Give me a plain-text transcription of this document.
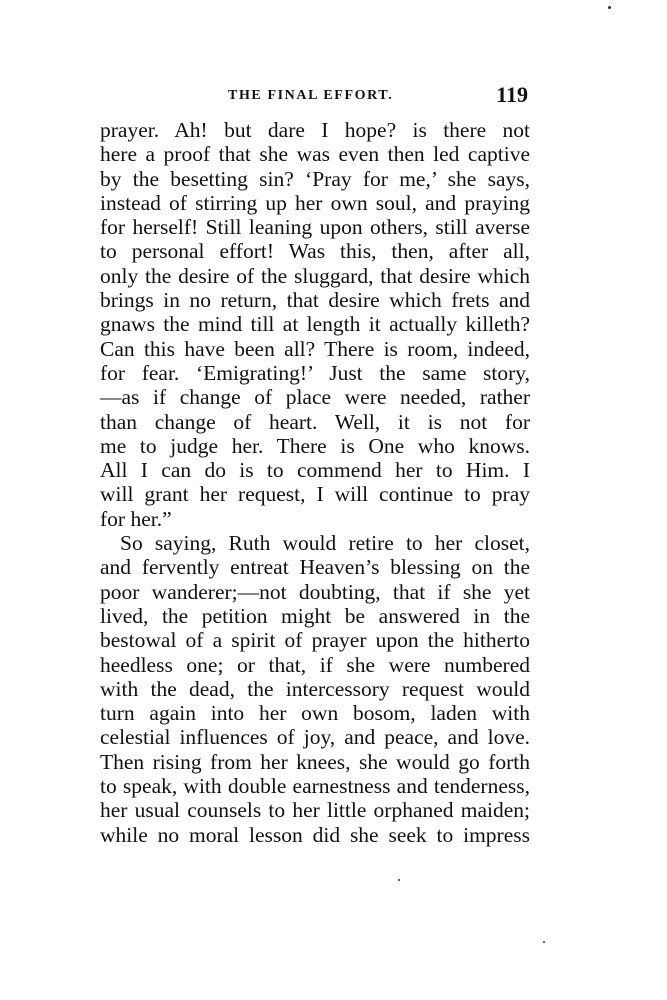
THE FINAL EFFORT.	119
prayer. Ah! but dare I hope? is there not
here a proof that she was even then led captive
by the besetting sin? ‘Pray for me,’ she says,
instead of stirring up her own soul, and praying
for herself! Still leaning upon others, still averse
to personal effort! Was this, then, after all,
only the desire of the sluggard, that desire which
brings in no return, that desire which frets and
gnaws the mind till at length it actually killeth?
Can this have been all? There is room, indeed,
for fear. ‘Emigrating!’ Just the same story,
—as if change of place were needed, rather
than change of heart. Well, it is not for
me to judge her. There is One who knows.
All I can do is to commend her to Him. I
will grant her request, I will continue to pray
for her.”
So saying, Ruth would retire to her closet,
and fervently entreat Heaven’s blessing on the
poor wanderer;—not doubting, that if she yet
lived, the petition might be answered in the
bestowal of a spirit of prayer upon the hitherto
heedless one; or that, if she were numbered
with the dead, the intercessory request would
turn again into her own bosom, laden with
celestial influences of joy, and peace, and love.
Then rising from her knees, she would go forth
to speak, with double earnestness and tenderness,
her usual counsels to her little orphaned maiden;
while no moral lesson did she seek to impress
